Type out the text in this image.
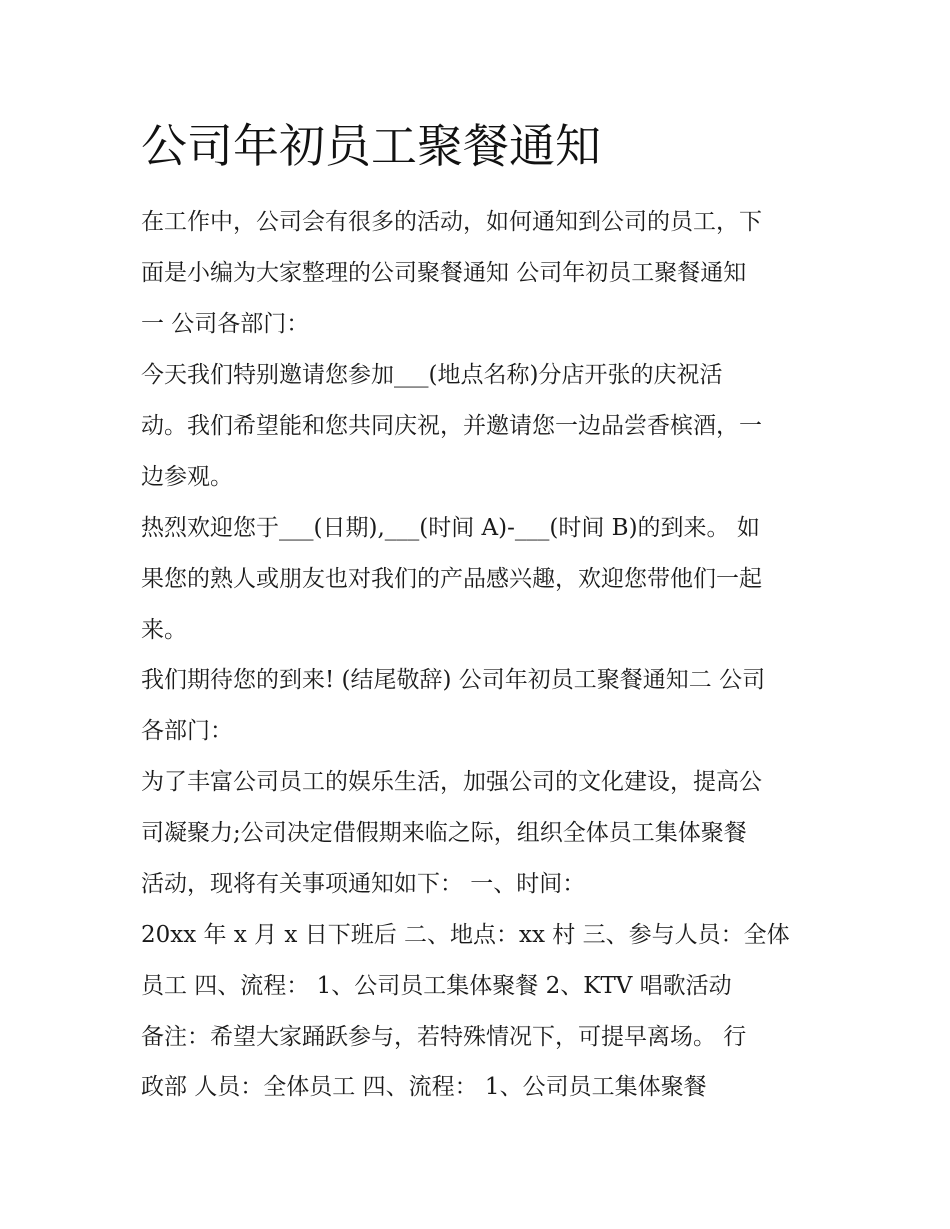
公司年初员工聚餐通知

在工作中，公司会有很多的活动，如何通知到公司的员工，下

面是小编为大家整理的公司聚餐通知 公司年初员工聚餐通知

一 公司各部门：

今天我们特别邀请您参加___(地点名称)分店开张的庆祝活

动。我们希望能和您共同庆祝，并邀请您一边品尝香槟酒，一

边参观。

热烈欢迎您于___(日期),___(时间 A)-___(时间 B)的到来。 如

果您的熟人或朋友也对我们的产品感兴趣，欢迎您带他们一起

来。

我们期待您的到来! (结尾敬辞) 公司年初员工聚餐通知二 公司

各部门：

为了丰富公司员工的娱乐生活，加强公司的文化建设，提高公

司凝聚力;公司决定借假期来临之际，组织全体员工集体聚餐

活动，现将有关事项通知如下： 一、时间：

20xx 年 x 月 x 日下班后 二、地点：xx 村 三、参与人员：全体

员工 四、流程： 1、公司员工集体聚餐 2、KTV 唱歌活动

备注：希望大家踊跃参与，若特殊情况下，可提早离场。 行

政部 人员：全体员工 四、流程： 1、公司员工集体聚餐
